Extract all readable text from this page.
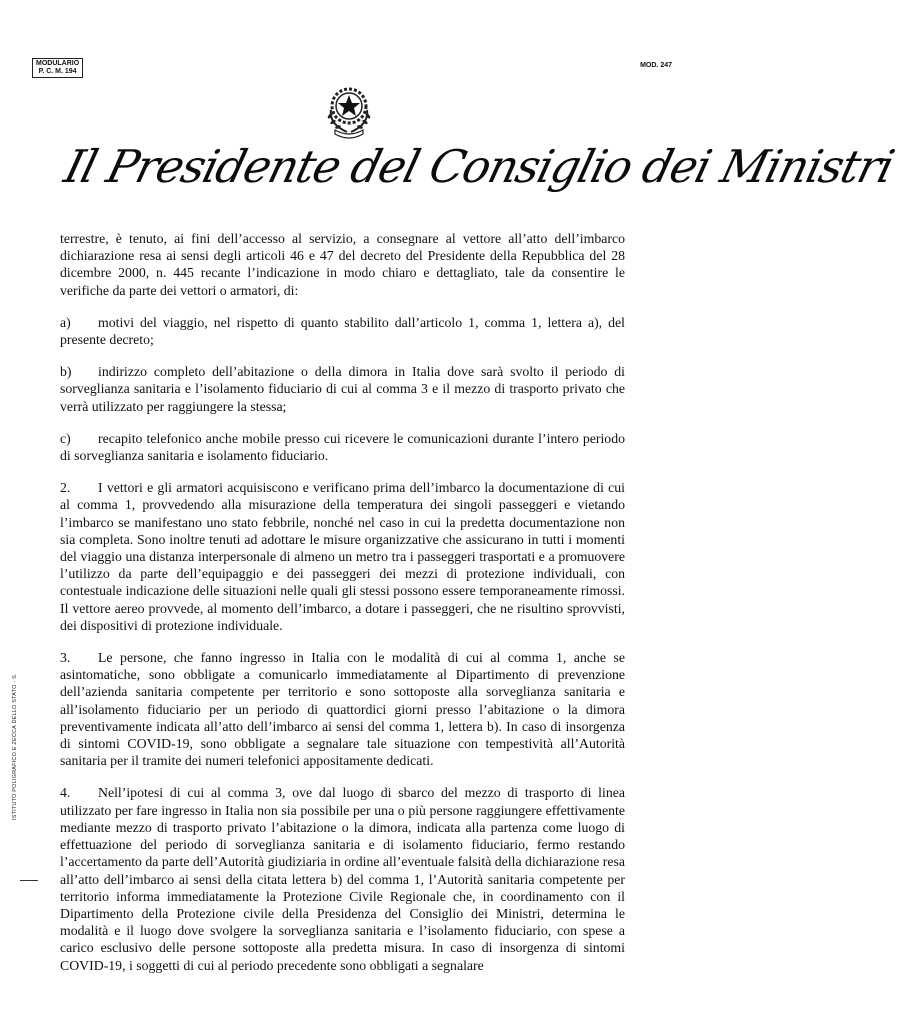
MODULARIO
P. C. M. 194
MOD. 247
Il Presidente del Consiglio dei Ministri
ISTITUTO POLIGRAFICO E ZECCA DELLO STATO - S.

terrestre, è tenuto, ai fini dell’accesso al servizio, a consegnare al vettore all’atto dell’imbarco dichiarazione resa ai sensi degli articoli 46 e 47 del decreto del Presidente della Repubblica del 28 dicembre 2000, n. 445 recante l’indicazione in modo chiaro e dettagliato, tale da consentire le verifiche da parte dei vettori o armatori, di:

a) motivi del viaggio, nel rispetto di quanto stabilito dall’articolo 1, comma 1, lettera a), del presente decreto;

b) indirizzo completo dell’abitazione o della dimora in Italia dove sarà svolto il periodo di sorveglianza sanitaria e l’isolamento fiduciario di cui al comma 3 e il mezzo di trasporto privato che verrà utilizzato per raggiungere la stessa;

c) recapito telefonico anche mobile presso cui ricevere le comunicazioni durante l’intero periodo di sorveglianza sanitaria e isolamento fiduciario.

2. I vettori e gli armatori acquisiscono e verificano prima dell’imbarco la documentazione di cui al comma 1, provvedendo alla misurazione della temperatura dei singoli passeggeri e vietando l’imbarco se manifestano uno stato febbrile, nonché nel caso in cui la predetta documentazione non sia completa. Sono inoltre tenuti ad adottare le misure organizzative che assicurano in tutti i momenti del viaggio una distanza interpersonale di almeno un metro tra i passeggeri trasportati e a promuovere l’utilizzo da parte dell’equipaggio e dei passeggeri dei mezzi di protezione individuali, con contestuale indicazione delle situazioni nelle quali gli stessi possono essere temporaneamente rimossi. Il vettore aereo provvede, al momento dell’imbarco, a dotare i passeggeri, che ne risultino sprovvisti, dei dispositivi di protezione individuale.

3. Le persone, che fanno ingresso in Italia con le modalità di cui al comma 1, anche se asintomatiche, sono obbligate a comunicarlo immediatamente al Dipartimento di prevenzione dell’azienda sanitaria competente per territorio e sono sottoposte alla sorveglianza sanitaria e all’isolamento fiduciario per un periodo di quattordici giorni presso l’abitazione o la dimora preventivamente indicata all’atto dell’imbarco ai sensi del comma 1, lettera b). In caso di insorgenza di sintomi COVID-19, sono obbligate a segnalare tale situazione con tempestività all’Autorità sanitaria per il tramite dei numeri telefonici appositamente dedicati.

4. Nell’ipotesi di cui al comma 3, ove dal luogo di sbarco del mezzo di trasporto di linea utilizzato per fare ingresso in Italia non sia possibile per una o più persone raggiungere effettivamente mediante mezzo di trasporto privato l’abitazione o la dimora, indicata alla partenza come luogo di effettuazione del periodo di sorveglianza sanitaria e di isolamento fiduciario, fermo restando l’accertamento da parte dell’Autorità giudiziaria in ordine all’eventuale falsità della dichiarazione resa all’atto dell’imbarco ai sensi della citata lettera b) del comma 1, l’Autorità sanitaria competente per territorio informa immediatamente la Protezione Civile Regionale che, in coordinamento con il Dipartimento della Protezione civile della Presidenza del Consiglio dei Ministri, determina le modalità e il luogo dove svolgere la sorveglianza sanitaria e l’isolamento fiduciario, con spese a carico esclusivo delle persone sottoposte alla predetta misura. In caso di insorgenza di sintomi COVID-19, i soggetti di cui al periodo precedente sono obbligati a segnalare
